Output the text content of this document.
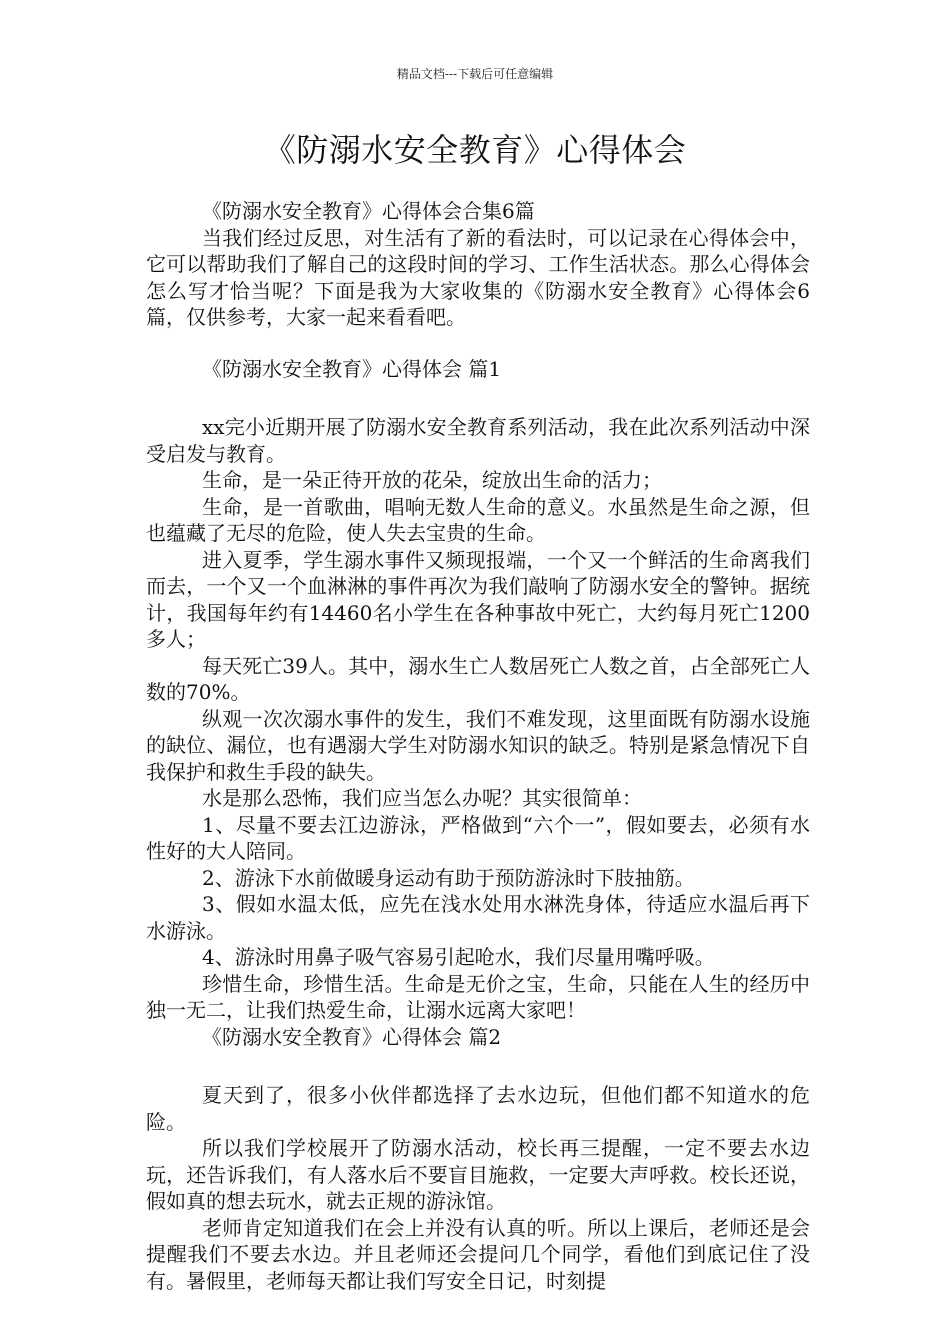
精品文档---下载后可任意编辑
《防溺水安全教育》心得体会

《防溺水安全教育》心得体会合集6篇

当我们经过反思，对生活有了新的看法时，可以记录在心得体会中，它可以帮助我们了解自己的这段时间的学习、工作生活状态。那么心得体会怎么写才恰当呢？下面是我为大家收集的《防溺水安全教育》心得体会6篇，仅供参考，大家一起来看看吧。

《防溺水安全教育》心得体会 篇1

xx完小近期开展了防溺水安全教育系列活动，我在此次系列活动中深受启发与教育。

生命，是一朵正待开放的花朵，绽放出生命的活力；

生命，是一首歌曲，唱响无数人生命的意义。水虽然是生命之源，但也蕴藏了无尽的危险，使人失去宝贵的生命。

进入夏季，学生溺水事件又频现报端，一个又一个鲜活的生命离我们而去，一个又一个血淋淋的事件再次为我们敲响了防溺水安全的警钟。据统计，我国每年约有14460名小学生在各种事故中死亡，大约每月死亡1200多人；

每天死亡39人。其中，溺水生亡人数居死亡人数之首，占全部死亡人数的70%。

纵观一次次溺水事件的发生，我们不难发现，这里面既有防溺水设施的缺位、漏位，也有遇溺大学生对防溺水知识的缺乏。特别是紧急情况下自我保护和救生手段的缺失。

水是那么恐怖，我们应当怎么办呢？其实很简单：

1、尽量不要去江边游泳，严格做到“六个一”，假如要去，必须有水性好的大人陪同。

2、游泳下水前做暖身运动有助于预防游泳时下肢抽筋。

3、假如水温太低，应先在浅水处用水淋洗身体，待适应水温后再下水游泳。

4、游泳时用鼻子吸气容易引起呛水，我们尽量用嘴呼吸。

珍惜生命，珍惜生活。生命是无价之宝，生命，只能在人生的经历中独一无二，让我们热爱生命，让溺水远离大家吧！

《防溺水安全教育》心得体会 篇2

夏天到了，很多小伙伴都选择了去水边玩，但他们都不知道水的危险。

所以我们学校展开了防溺水活动，校长再三提醒，一定不要去水边玩，还告诉我们，有人落水后不要盲目施救，一定要大声呼救。校长还说，假如真的想去玩水，就去正规的游泳馆。

老师肯定知道我们在会上并没有认真的听。所以上课后，老师还是会提醒我们不要去水边。并且老师还会提问几个同学，看他们到底记住了没有。暑假里，老师每天都让我们写安全日记，时刻提
